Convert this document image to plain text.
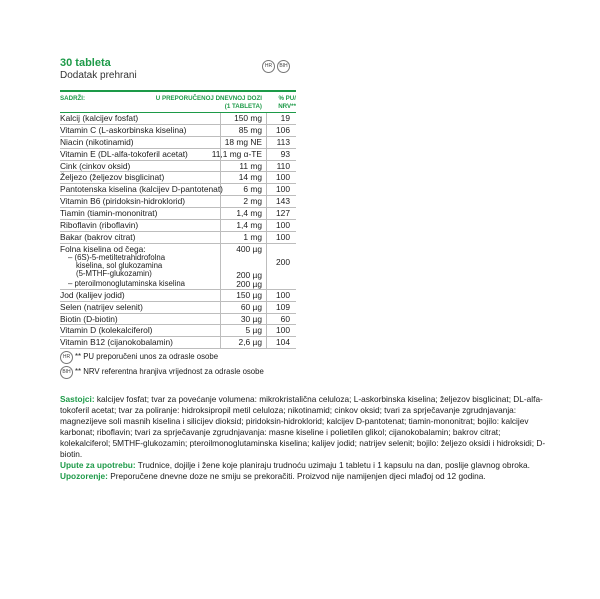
30 tableta
Dodatak prehrani
HR	BIH
SADRŽI:	U PREPORUČENOJ DNEVNOJ DOZI
(1 TABLETA)
% PU/
NRV**
Kalcij (kalcijev fosfat)	150 mg 19
Vitamin C (L-askorbinska kiselina)	85 mg 106
Niacin (nikotinamid)	18 mg NE 113
Vitamin E (DL-alfa-tokoferil acetat)	11,1 mg α-TE 93
Cink (cinkov oksid)	11 mg 110
Željezo (željezov bisglicinat)	14 mg 100
Pantotenska kiselina (kalcijev D-pantotenat) 6 mg 100
Vitamin B6 (piridoksin-hidroklorid)	2 mg 143
Tiamin (tiamin-mononitrat)	1,4 mg 127
Riboflavin (riboflavin)	1,4 mg 100
Bakar (bakrov citrat)	1 mg 100
Folna kiselina od čega:	400 µg
– (6S)-5-metiltetrahidrofolna
kiselina, sol glukozamina
(5-MTHF-glukozamin)	200 µg
– pteroilmonoglutaminska kiselina	200 µg
200
Jod (kalijev jodid)	150 µg 100
Selen (natrijev selenit)	60 µg 109
Biotin (D-biotin)	30 µg 60
Vitamin D (kolekalciferol)	5 µg 100
Vitamin B12 (cijanokobalamin)	2,6 µg 104
HR ** PU preporučeni unos za odrasle osobe
BIH ** NRV referentna hranjiva vrijednost za odrasle osobe

Sastojci: kalcijev fosfat; tvar za povećanje volumena: mikrokristalična celuloza; L-askorbinska kiselina; željezov bisglicinat; DL-alfa-tokoferil acetat; tvar za poliranje: hidroksipropil metil celuloza; nikotinamid; cinkov oksid; tvari za sprječavanje zgrudnjavanja: magnezijeve soli masnih kiselina i silicijev dioksid; piridoksin-hidroklorid; kalcijev D-pantotenat; tiamin-mononitrat; bojilo: kalcijev karbonat; riboflavin; tvari za sprječavanje zgrudnjavanja: masne kiseline i polietilen glikol; cijanokobalamin; bakrov citrat; kolekalciferol; 5MTHF-glukozamin; pteroilmonoglutaminska kiselina; kalijev jodid; natrijev selenit; bojilo: željezo oksidi i hidroksidi; D-biotin.

Upute za upotrebu: Trudnice, dojilje i žene koje planiraju trudnoću uzimaju 1 tabletu i 1 kapsulu na dan, poslije glavnog obroka.

Upozorenje: Preporučene dnevne doze ne smiju se prekoračiti. Proizvod nije namijenjen djeci mlađoj od 12 godina.
